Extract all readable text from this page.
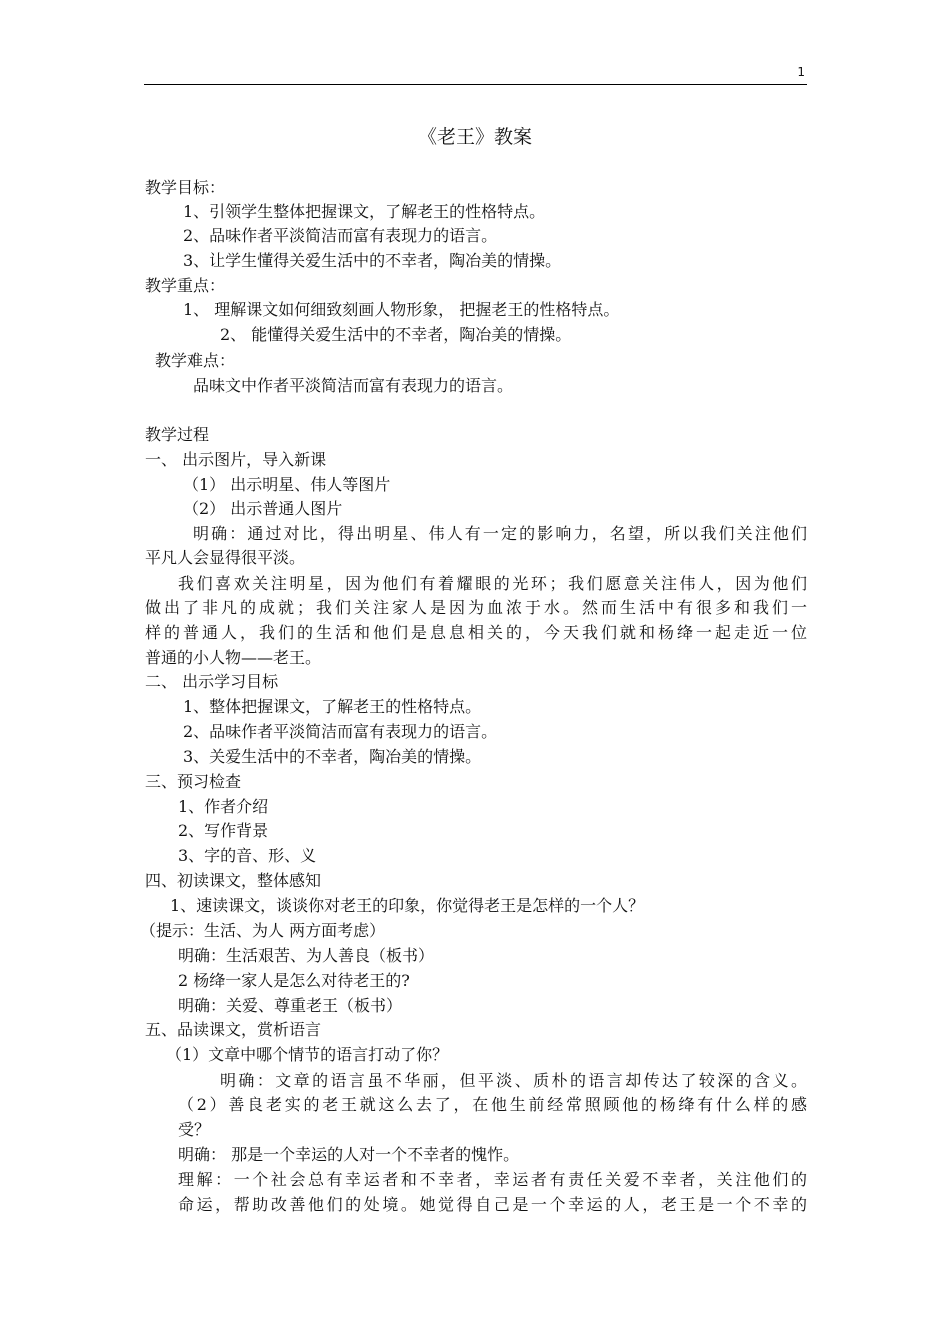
1
《老王》教案
教学目标：
1、引领学生整体把握课文，了解老王的性格特点。
2、品味作者平淡简洁而富有表现力的语言。
3、让学生懂得关爱生活中的不幸者，陶冶美的情操。
教学重点：
1、 理解课文如何细致刻画人物形象， 把握老王的性格特点。
2、 能懂得关爱生活中的不幸者，陶冶美的情操。
教学难点：
品味文中作者平淡简洁而富有表现力的语言。
教学过程
一、 出示图片，导入新课
（1） 出示明星、伟人等图片
（2） 出示普通人图片
明确：通过对比，得出明星、伟人有一定的影响力，名望，所以我们关注他们
平凡人会显得很平淡。
我们喜欢关注明星，因为他们有着耀眼的光环；我们愿意关注伟人，因为他们
做出了非凡的成就；我们关注家人是因为血浓于水。然而生活中有很多和我们一
样的普通人，我们的生活和他们是息息相关的，今天我们就和杨绛一起走近一位
普通的小人物——老王。
二、 出示学习目标
1、整体把握课文，了解老王的性格特点。
2、品味作者平淡简洁而富有表现力的语言。
3、关爱生活中的不幸者，陶冶美的情操。
三、预习检查
1、作者介绍
2、写作背景
3、字的音、形、义
四、初读课文，整体感知
1、速读课文，谈谈你对老王的印象，你觉得老王是怎样的一个人？
（提示：生活、为人 两方面考虑）
明确：生活艰苦、为人善良（板书）
2 杨绛一家人是怎么对待老王的?
明确：关爱、尊重老王（板书）
五、品读课文，赏析语言
（1）文章中哪个情节的语言打动了你？
明确：文章的语言虽不华丽，但平淡、质朴的语言却传达了较深的含义。
（2）善良老实的老王就这么去了，在他生前经常照顾他的杨绛有什么样的感
受？
明确： 那是一个幸运的人对一个不幸者的愧怍。
理解：一个社会总有幸运者和不幸者，幸运者有责任关爱不幸者，关注他们的
命运，帮助改善他们的处境。她觉得自己是一个幸运的人，老王是一个不幸的
